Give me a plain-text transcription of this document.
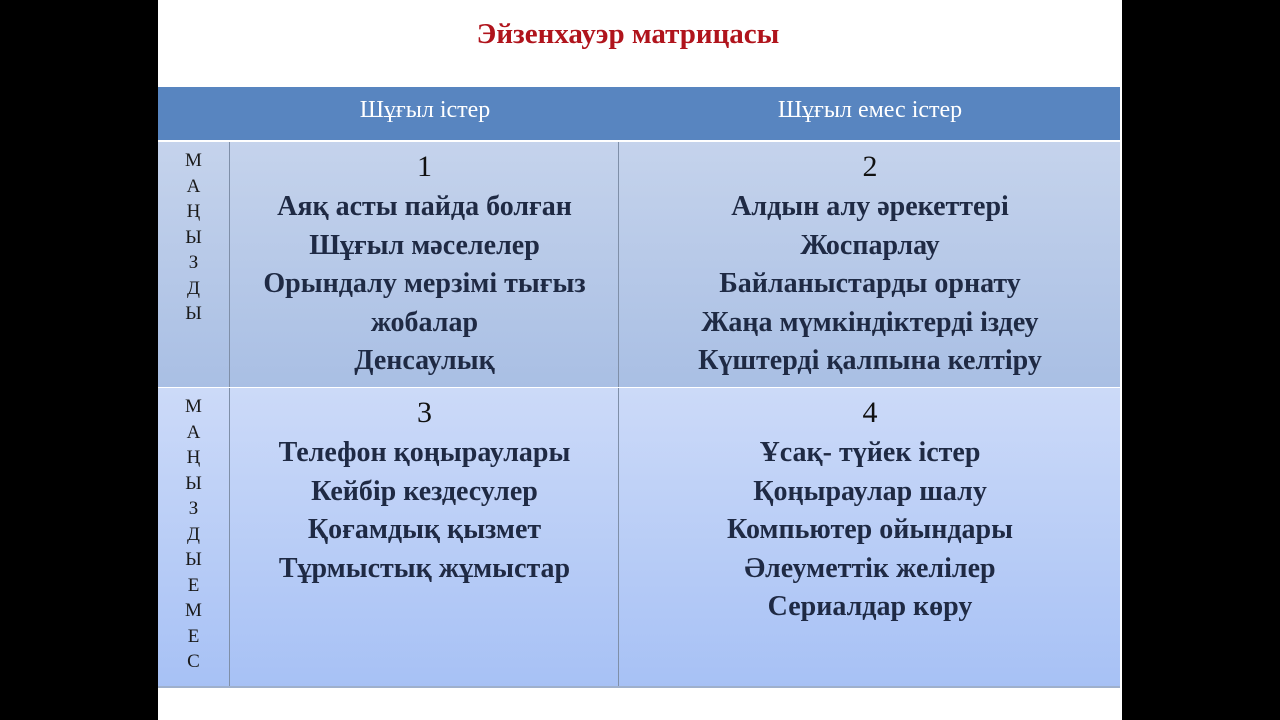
Эйзенхауэр матрицасы
Шұғыл істер	Шұғыл емес істер
М
А
Ң
Ы
З
Д
Ы
1
Аяқ асты пайда болған
Шұғыл мәселелер
Орындалу мерзімі тығыз
жобалар
Денсаулық
2
Алдын алу әрекеттері
Жоспарлау
Байланыстарды орнату
Жаңа мүмкіндіктерді іздеу
Күштерді қалпына келтіру
М
А
Ң
Ы
З
Д
Ы
Е
М
Е
С
3
Телефон қоңыраулары
Кейбір кездесулер
Қоғамдық қызмет
Тұрмыстық жұмыстар
4
Ұсақ- түйек істер
Қоңыраулар шалу
Компьютер ойындары
Әлеуметтік желілер
Сериалдар көру
